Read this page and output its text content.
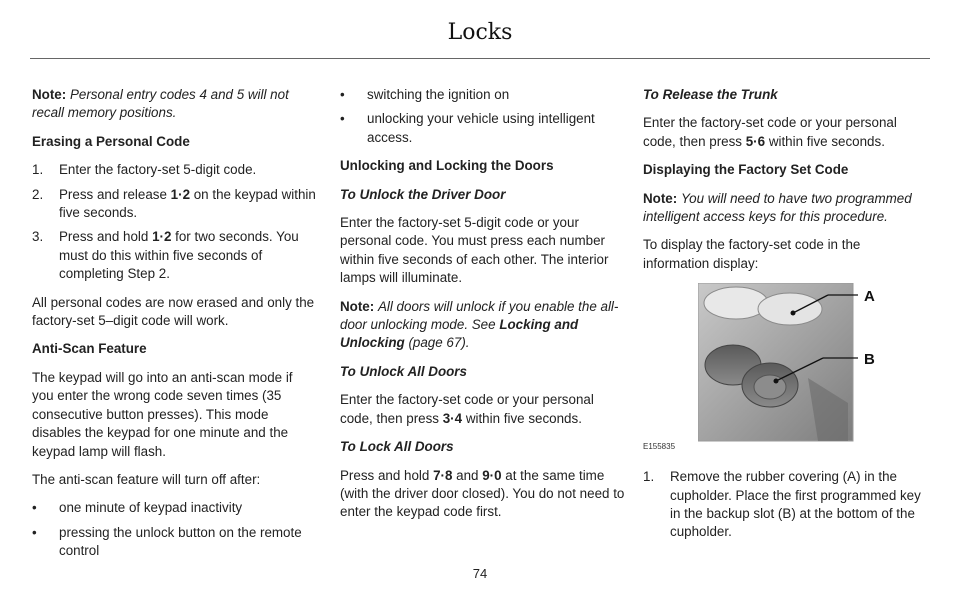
Locks

Note: Personal entry codes 4 and 5 will not recall memory positions.

Erasing a Personal Code
1. Enter the factory-set 5-digit code.
2. Press and release 1·2 on the keypad within five seconds.
3. Press and hold 1·2 for two seconds. You must do this within five seconds of completing Step 2.

All personal codes are now erased and only the factory-set 5–digit code will work.

Anti-Scan Feature

The keypad will go into an anti-scan mode if you enter the wrong code seven times (35 consecutive button presses). This mode disables the keypad for one minute and the keypad lamp will flash.

The anti-scan feature will turn off after:

• one minute of keypad inactivity
• pressing the unlock button on the remote control
• switching the ignition on
• unlocking your vehicle using intelligent access.
Unlocking and Locking the Doors
To Unlock the Driver Door

Enter the factory-set 5-digit code or your personal code. You must press each number within five seconds of each other. The interior lamps will illuminate.

Note: All doors will unlock if you enable the all-door unlocking mode. See Locking and Unlocking (page 67).

To Unlock All Doors

Enter the factory-set code or your personal code, then press 3·4 within five seconds.

To Lock All Doors

Press and hold 7·8 and 9·0 at the same time (with the driver door closed). You do not need to enter the keypad code first.

To Release the Trunk

Enter the factory-set code or your personal code, then press 5·6 within five seconds.

Displaying the Factory Set Code

Note: You will need to have two programmed intelligent access keys for this procedure.

To display the factory-set code in the information display:

A
B
E155835
1. Remove the rubber covering (A) in the cupholder. Place the first programmed key in the backup slot (B) at the bottom of the cupholder.
74
